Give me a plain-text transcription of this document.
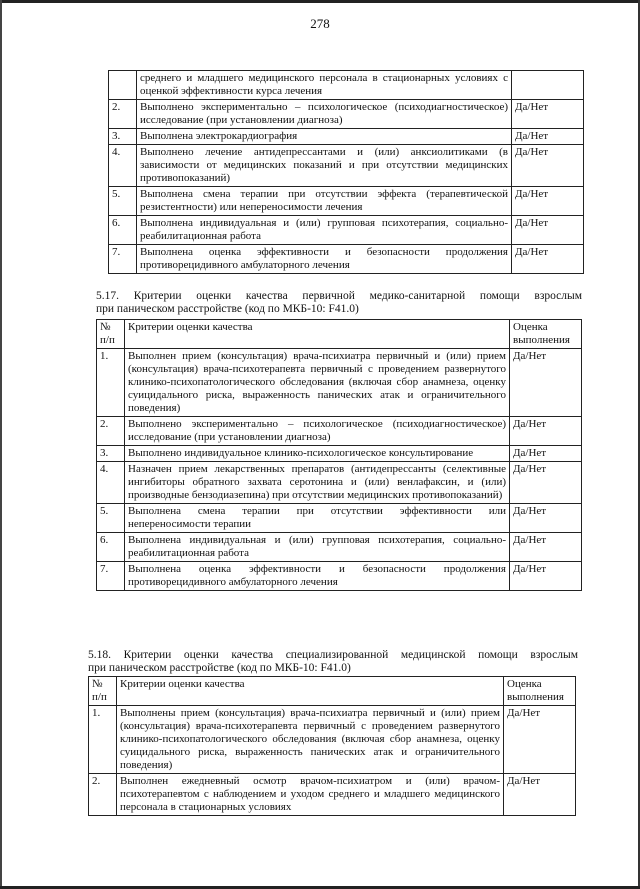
278
	среднего и младшего медицинского персонала в стационарных условиях с оценкой эффективности курса лечения	
2.	Выполнено экспериментально – психологическое (психодиагностическое) исследование (при установлении диагноза)	Да/Нет
3.	Выполнена электрокардиография	Да/Нет
4.	Выполнено лечение антидепрессантами и (или) анксиолитиками (в зависимости от медицинских показаний и при отсутствии медицинских противопоказаний)	Да/Нет
5.	Выполнена смена терапии при отсутствии эффекта (терапевтической резистентности) или непереносимости лечения	Да/Нет
6.	Выполнена индивидуальная и (или) групповая психотерапия, социально-реабилитационная работа	Да/Нет
7.	Выполнена оценка эффективности и безопасности продолжения противорецидивного амбулаторного лечения	Да/Нет
5.17. Критерии оценки качества первичной медико-санитарной помощи взрослым
при паническом расстройстве (код по МКБ-10: F41.0)
№ п/п	Критерии оценки качества	Оценка выполнения
1.	Выполнен прием (консультация) врача-психиатра первичный и (или) прием (консультация) врача-психотерапевта первичный с проведением развернутого клинико-психопатологического обследования (включая сбор анамнеза, оценку суицидального риска, выраженность панических атак и ограничительного поведения)	Да/Нет
2.	Выполнено экспериментально – психологическое (психодиагностическое) исследование (при установлении диагноза)	Да/Нет
3.	Выполнено индивидуальное клинико-психологическое консультирование	Да/Нет
4.	Назначен прием лекарственных препаратов (антидепрессанты (селективные ингибиторы обратного захвата серотонина и (или) венлафаксин, и (или) производные бензодиазепина) при отсутствии медицинских противопоказаний)	Да/Нет
5.	Выполнена смена терапии при отсутствии эффективности или непереносимости терапии	Да/Нет
6.	Выполнена индивидуальная и (или) групповая психотерапия, социально-реабилитационная работа	Да/Нет
7.	Выполнена оценка эффективности и безопасности продолжения противорецидивного амбулаторного лечения	Да/Нет
5.18. Критерии оценки качества специализированной медицинской помощи взрослым
при паническом расстройстве (код по МКБ-10: F41.0)
№ п/п	Критерии оценки качества	Оценка выполнения
1.	Выполнены прием (консультация) врача-психиатра первичный и (или) прием (консультация) врача-психотерапевта первичный с проведением развернутого клинико-психопатологического обследования (включая сбор анамнеза, оценку суицидального риска, выраженность панических атак и ограничительного поведения)	Да/Нет
2.	Выполнен ежедневный осмотр врачом-психиатром и (или) врачом-психотерапевтом с наблюдением и уходом среднего и младшего медицинского персонала в стационарных условиях	Да/Нет
